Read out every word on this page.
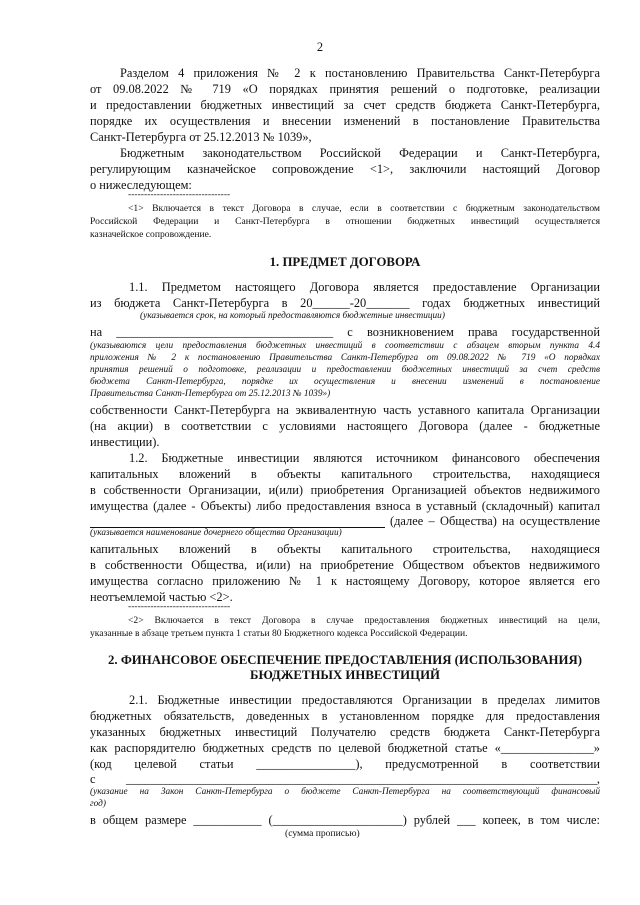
2
Разделом 4 приложения № 2 к постановлению Правительства Санкт-Петербурга
от 09.08.2022 № 719 «О порядках принятия решений о подготовке, реализации
и предоставлении бюджетных инвестиций за счет средств бюджета Санкт-Петербурга,
порядке их осуществления и внесении изменений в постановление Правительства
Санкт-Петербурга от 25.12.2013 № 1039»,
Бюджетным законодательством Российской Федерации и Санкт-Петербурга,
регулирующим казначейское сопровождение <1>, заключили настоящий Договор
о нижеследующем:
--------------------------------
<1> Включается в текст Договора в случае, если в соответствии с бюджетным законодательством
Российской Федерации и Санкт-Петербурга в отношении бюджетных инвестиций осуществляется
казначейское сопровождение.
1. ПРЕДМЕТ ДОГОВОРА
1.1. Предметом настоящего Договора является предоставление Организации
из бюджета Санкт-Петербурга в 20______-20_______ годах бюджетных инвестиций
(указывается срок, на который предоставляются бюджетные инвестиции)
на ___________________________________ с возникновением права государственной
(указываются цели предоставления бюджетных инвестиций в соответствии с абзацем вторым пункта 4.4
приложения № 2 к постановлению Правительства Санкт-Петербурга от 09.08.2022 № 719 «О порядках
принятия решений о подготовке, реализации и предоставлении бюджетных инвестиций за счет средств
бюджета Санкт-Петербурга, порядке их осуществления и внесении изменений в постановление
Правительства Санкт-Петербурга от 25.12.2013 № 1039»)
собственности Санкт-Петербурга на эквивалентную часть уставного капитала Организации
(на акции) в соответствии с условиями настоящего Договора (далее - бюджетные
инвестиции).
1.2. Бюджетные инвестиции являются источником финансового обеспечения
капитальных вложений в объекты капитального строительства, находящиеся
в собственности Организации, и(или) приобретения Организацией объектов недвижимого
имущества (далее - Объекты) либо предоставления взноса в уставный (складочный) капитал
(далее – Общества) на осуществление
(указывается наименование дочернего общества Организации)
капитальных вложений в объекты капитального строительства, находящиеся
в собственности Общества, и(или) на приобретение Обществом объектов недвижимого
имущества согласно приложению № 1 к настоящему Договору, которое является его
неотъемлемой частью <2>.
--------------------------------
<2> Включается в текст Договора в случае предоставления бюджетных инвестиций на цели,
указанные в абзаце третьем пункта 1 статьи 80 Бюджетного кодекса Российской Федерации.
2. ФИНАНСОВОЕ ОБЕСПЕЧЕНИЕ ПРЕДОСТАВЛЕНИЯ (ИСПОЛЬЗОВАНИЯ)
БЮДЖЕТНЫХ ИНВЕСТИЦИЙ
2.1. Бюджетные инвестиции предоставляются Организации в пределах лимитов
бюджетных обязательств, доведенных в установленном порядке для предоставления
указанных бюджетных инвестиций Получателю средств бюджета Санкт-Петербурга
как распорядителю бюджетных средств по целевой бюджетной статье «_______________»
(код целевой статьи ________________), предусмотренной в соответствии
с ____________________________________________________________________________,
(указание на Закон Санкт-Петербурга о бюджете Санкт-Петербурга на соответствующий финансовый
год)
в общем размере ___________ (_____________________) рублей ___ копеек, в том числе:
(сумма прописью)
